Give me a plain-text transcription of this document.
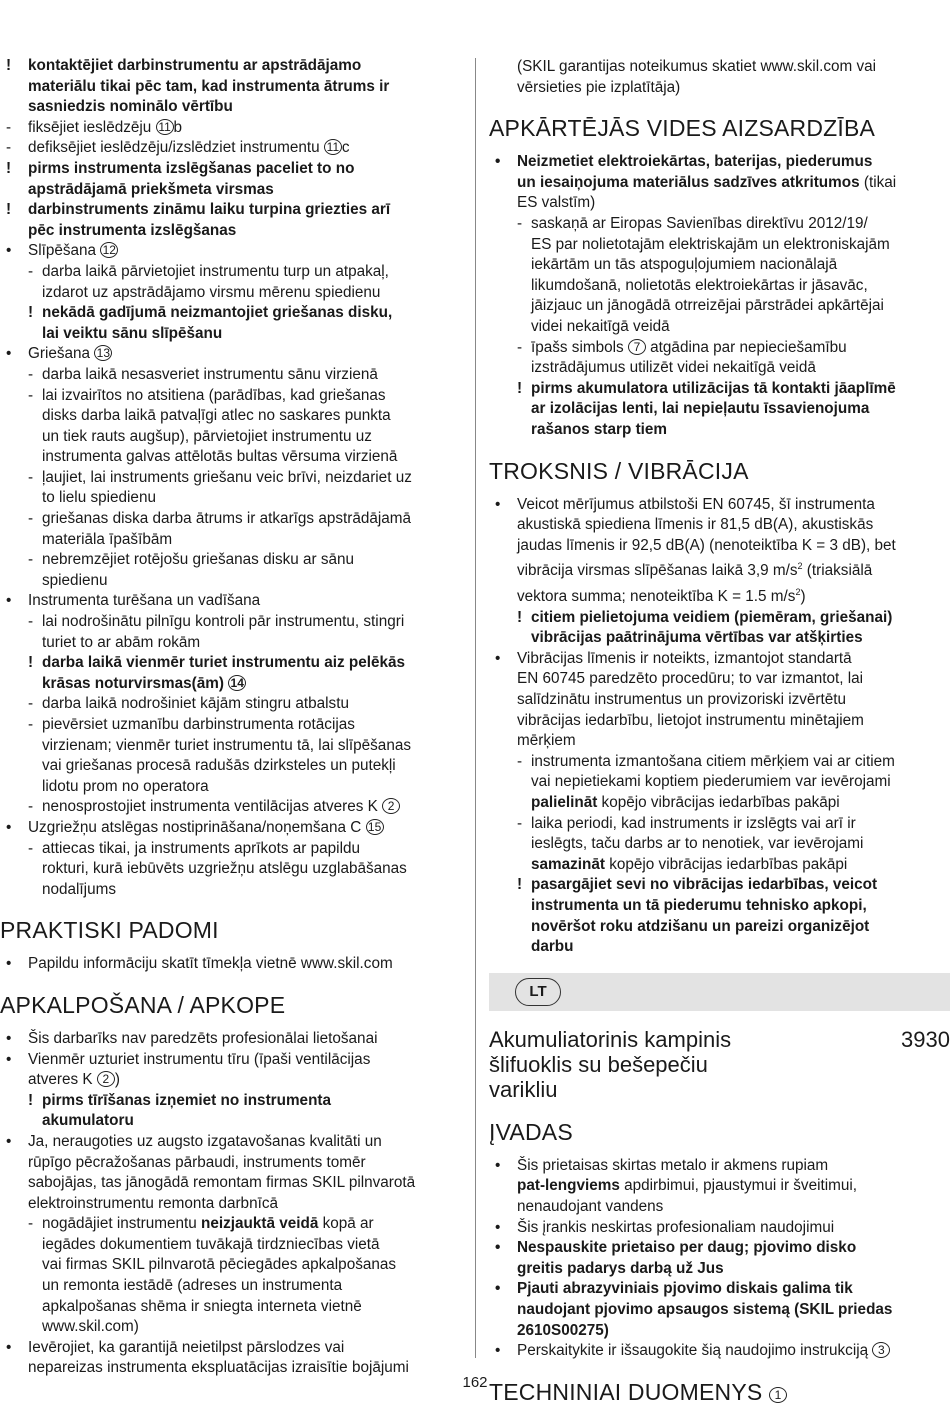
! kontaktējiet darbinstrumentu ar apstrādājamo
materiālu tikai pēc tam, kad instrumenta ātrums ir
sasniedzis nominālo vērtību
- fiksējiet ieslēdzēju 11 b
- defiksējiet ieslēdzēju/izslēdziet instrumentu 11 c
! pirms instrumenta izslēgšanas paceliet to no
apstrādājamā priekšmeta virsmas
! darbinstruments zināmu laiku turpina griezties arī
pēc instrumenta izslēgšanas
• Slīpēšana 12
- darba laikā pārvietojiet instrumentu turp un atpakaļ,
izdarot uz apstrādājamo virsmu mērenu spiedienu
! nekādā gadījumā neizmantojiet griešanas disku,
lai veiktu sānu slīpēšanu
• Griešana 13
- darba laikā nesasveriet instrumentu sānu virzienā
- lai izvairītos no atsitiena (parādības, kad griešanas
disks darba laikā patvaļīgi atlec no saskares punkta
un tiek rauts augšup), pārvietojiet instrumentu uz
instrumenta galvas attēlotās bultas vērsuma virzienā
- ļaujiet, lai instruments griešanu veic brīvi, neizdariet uz
to lielu spiedienu
- griešanas diska darba ātrums ir atkarīgs apstrādājamā
materiāla īpašībām
- nebremzējiet rotējošu griešanas disku ar sānu
spiedienu
• Instrumenta turēšana un vadīšana
- lai nodrošinātu pilnīgu kontroli pār instrumentu, stingri
turiet to ar abām rokām
! darba laikā vienmēr turiet instrumentu aiz pelēkās
krāsas noturvirsmas(ām) 14
- darba laikā nodrošiniet kājām stingru atbalstu
- pievērsiet uzmanību darbinstrumenta rotācijas
virzienam; vienmēr turiet instrumentu tā, lai slīpēšanas
vai griešanas procesā radušās dzirksteles un putekļi
lidotu prom no operatora
- nenosprostojiet instrumenta ventilācijas atveres K 2
• Uzgriežņu atslēgas nostiprināšana/noņemšana C 15
- attiecas tikai, ja instruments aprīkots ar papildu
rokturi, kurā iebūvēts uzgriežņu atslēgu uzglabāšanas
nodalījums
PRAKTISKI PADOMI
• Papildu informāciju skatīt tīmekļa vietnē www.skil.com
APKALPOŠANA / APKOPE
• Šis darbarīks nav paredzēts profesionālai lietošanai
• Vienmēr uzturiet instrumentu tīru (īpaši ventilācijas
atveres K 2 )
! pirms tīrīšanas izņemiet no instrumenta
akumulatoru
• Ja, neraugoties uz augsto izgatavošanas kvalitāti un
rūpīgo pēcražošanas pārbaudi, instruments tomēr
sabojājas, tas jānogādā remontam firmas SKIL pilnvarotā
elektroinstrumentu remonta darbnīcā
- nogādājiet instrumentu neizjauktā veidā kopā ar
iegādes dokumentiem tuvākajā tirdzniecības vietā
vai firmas SKIL pilnvarotā pēciegādes apkalpošanas
un remonta iestādē (adreses un instrumenta
apkalpošanas shēma ir sniegta interneta vietnē
www.skil.com)
• Ievērojiet, ka garantijā neietilpst pārslodzes vai
nepareizas instrumenta ekspluatācijas izraisītie bojājumi
(SKIL garantijas noteikumus skatiet www.skil.com vai
vērsieties pie izplatītāja)
APKĀRTĒJĀS VIDES AIZSARDZĪBA
• Neizmetiet elektroiekārtas, baterijas, piederumus
un iesaiņojuma materiālus sadzīves atkritumos (tikai
ES valstīm)
- saskaņā ar Eiropas Savienības direktīvu 2012/19/
ES par nolietotajām elektriskajām un elektroniskajām
iekārtām un tās atspoguļojumiem nacionālajā
likumdošanā, nolietotās elektroiekārtas ir jāsavāc,
jāizjauc un jānogādā otrreizējai pārstrādei apkārtējai
videi nekaitīgā veidā
- īpašs simbols 7 atgādina par nepieciešamību
izstrādājumus utilizēt videi nekaitīgā veidā
! pirms akumulatora utilizācijas tā kontakti jāaplīmē
ar izolācijas lenti, lai nepieļautu īssavienojuma
rašanos starp tiem
TROKSNIS / VIBRĀCIJA
• Veicot mērījumus atbilstoši EN 60745, šī instrumenta
akustiskā spiediena līmenis ir 81,5 dB(A), akustiskās
jaudas līmenis ir 92,5 dB(A) (nenoteiktība K = 3 dB), bet
vibrācija virsmas slīpēšanas laikā 3,9 $m/s^2$ (triaksiālā
vektora summa; nenoteiktība K = 1.5 $m/s^2$)
! citiem pielietojuma veidiem (piemēram, griešanai)
vibrācijas paātrinājuma vērtības var atšķirties
• Vibrācijas līmenis ir noteikts, izmantojot standartā
EN 60745 paredzēto procedūru; to var izmantot, lai
salīdzinātu instrumentus un provizoriski izvērtētu
vibrācijas iedarbību, lietojot instrumentu minētajiem
mērķiem
- instrumenta izmantošana citiem mērķiem vai ar citiem
vai nepietiekami koptiem piederumiem var ievērojami
palielināt kopējo vibrācijas iedarbības pakāpi
- laika periodi, kad instruments ir izslēgts vai arī ir
ieslēgts, taču darbs ar to nenotiek, var ievērojami
samazināt kopējo vibrācijas iedarbības pakāpi
! pasargājiet sevi no vibrācijas iedarbības, veicot
instrumenta un tā piederumu tehnisko apkopi,
novēršot roku atdzišanu un pareizi organizējot
darbu
LT
Akumuliatorinis kampinis
šlifuoklis su bešepečiu
varikliu
3930
ĮVADAS
• Šis prietaisas skirtas metalo ir akmens rupiam
pat-lengviems apdirbimui, pjaustymui ir šveitimui,
nenaudojant vandens
• Šis įrankis neskirtas profesionaliam naudojimui
• Nespauskite prietaiso per daug; pjovimo disko
greitis padarys darbą už Jus
• Pjauti abrazyviniais pjovimo diskais galima tik
naudojant pjovimo apsaugos sistemą (SKIL priedas
2610S00275)
• Perskaitykite ir išsaugokite šią naudojimo instrukciją 3
TECHNINIAI DUOMENYS 1
162
